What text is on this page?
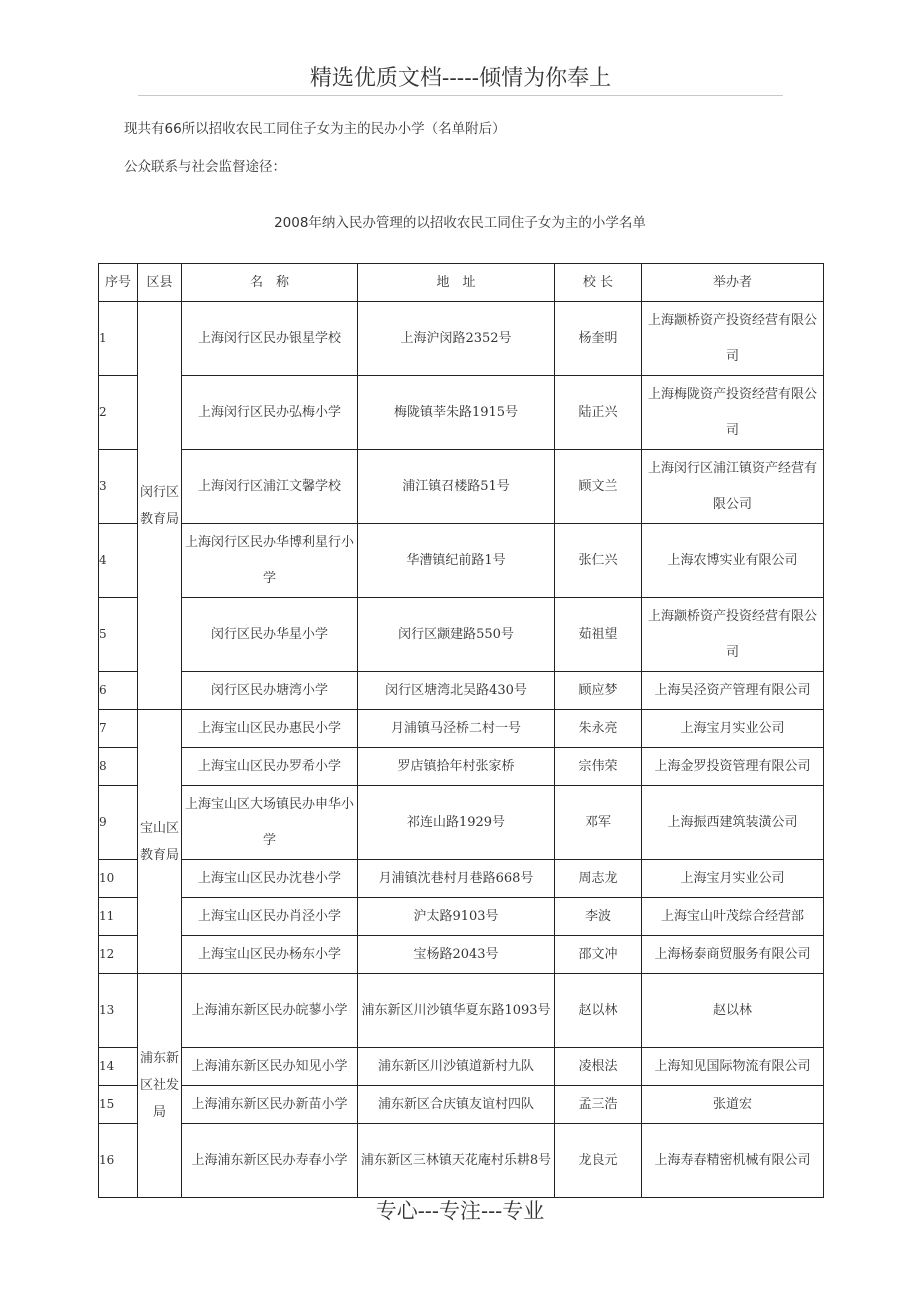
精选优质文档-----倾情为你奉上
现共有66所以招收农民工同住子女为主的民办小学（名单附后）
公众联系与社会监督途径：
2008年纳入民办管理的以招收农民工同住子女为主的小学名单
序号	区县	名　称	地　址	校 长	举办者
1	闵行区教育局	上海闵行区民办银星学校	上海沪闵路2352号	杨奎明	上海颛桥资产投资经营有限公司
2		上海闵行区民办弘梅小学	梅陇镇莘朱路1915号	陆正兴	上海梅陇资产投资经营有限公司
3		上海闵行区浦江文馨学校	浦江镇召楼路51号	顾文兰	上海闵行区浦江镇资产经营有限公司
4		上海闵行区民办华博利星行小学	华漕镇纪前路1号	张仁兴	上海农博实业有限公司
5		闵行区民办华星小学	闵行区颛建路550号	茹祖望	上海颛桥资产投资经营有限公司
6		闵行区民办塘湾小学	闵行区塘湾北吴路430号	顾应梦	上海吴泾资产管理有限公司
7	宝山区教育局	上海宝山区民办惠民小学	月浦镇马泾桥二村一号	朱永亮	上海宝月实业公司
8		上海宝山区民办罗希小学	罗店镇拾年村张家桥	宗伟荣	上海金罗投资管理有限公司
9		上海宝山区大场镇民办申华小学	祁连山路1929号	邓军	上海振西建筑装潢公司
10		上海宝山区民办沈巷小学	月浦镇沈巷村月巷路668号	周志龙	上海宝月实业公司
11		上海宝山区民办肖泾小学	沪太路9103号	李波	上海宝山叶茂综合经营部
12		上海宝山区民办杨东小学	宝杨路2043号	邵文冲	上海杨泰商贸服务有限公司
13	浦东新区社发局	上海浦东新区民办皖蓼小学	浦东新区川沙镇华夏东路1093号	赵以林	赵以林
14		上海浦东新区民办知见小学	浦东新区川沙镇道新村九队	凌根法	上海知见国际物流有限公司
15		上海浦东新区民办新苗小学	浦东新区合庆镇友谊村四队	孟三浩	张道宏
16		上海浦东新区民办寿春小学	浦东新区三林镇天花庵村乐耕8号	龙良元	上海寿春精密机械有限公司
专心---专注---专业
